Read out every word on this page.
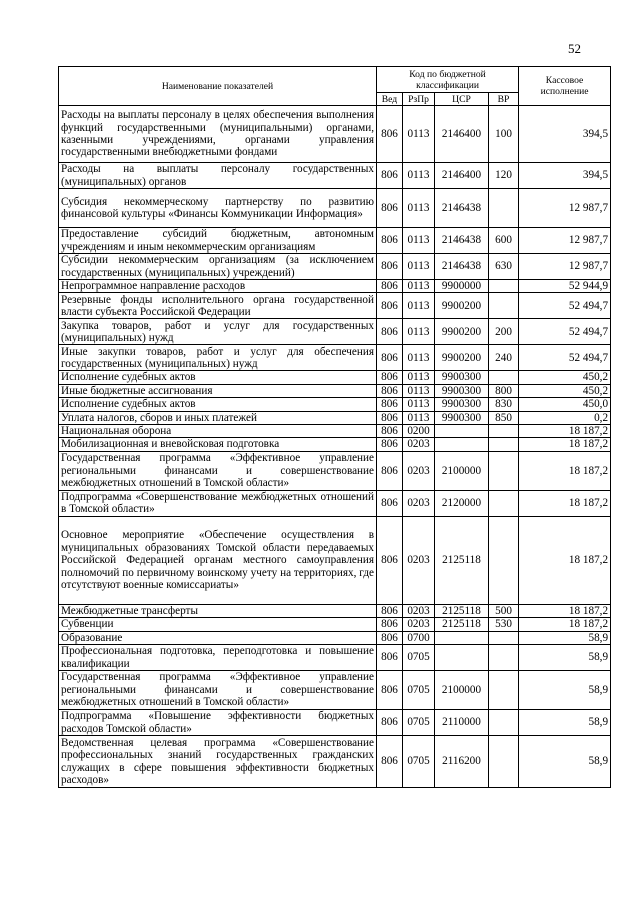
52
Наименование показателей	Код по бюджетной классификации				Кассовое исполнение
	Вед	РзПр	ЦСР	ВР	
Расходы на выплаты персоналу в целях обеспечения выполнения функций государственными (муниципальными) органами, казенными учреждениями, органами управления государственными внебюджетными фондами	806	0113	2146400	100	394,5
Расходы на выплаты персоналу государственных (муниципальных) органов	806	0113	2146400	120	394,5
Субсидия некоммерческому партнерству по развитию финансовой культуры «Финансы Коммуникации Информация»	806	0113	2146438		12 987,7
Предоставление субсидий бюджетным, автономным учреждениям и иным некоммерческим организациям	806	0113	2146438	600	12 987,7
Субсидии некоммерческим организациям (за исключением государственных (муниципальных) учреждений)	806	0113	2146438	630	12 987,7
Непрограммное направление расходов	806	0113	9900000		52 944,9
Резервные фонды исполнительного органа государственной власти субъекта Российской Федерации	806	0113	9900200		52 494,7
Закупка товаров, работ и услуг для государственных (муниципальных) нужд	806	0113	9900200	200	52 494,7
Иные закупки товаров, работ и услуг для обеспечения государственных (муниципальных) нужд	806	0113	9900200	240	52 494,7
Исполнение судебных актов	806	0113	9900300		450,2
Иные бюджетные ассигнования	806	0113	9900300	800	450,2
Исполнение судебных актов	806	0113	9900300	830	450,0
Уплата налогов, сборов и иных платежей	806	0113	9900300	850	0,2
Национальная оборона	806	0200			18 187,2
Мобилизационная и вневойсковая подготовка	806	0203			18 187,2
Государственная программа «Эффективное управление региональными финансами и совершенствование межбюджетных отношений в Томской области»	806	0203	2100000		18 187,2
Подпрограмма «Совершенствование межбюджетных отношений в Томской области»	806	0203	2120000		18 187,2
Основное мероприятие «Обеспечение осуществления в муниципальных образованиях Томской области передаваемых Российской Федерацией органам местного самоуправления полномочий по первичному воинскому учету на территориях, где отсутствуют военные комиссариаты»	806	0203	2125118		18 187,2
Межбюджетные трансферты	806	0203	2125118	500	18 187,2
Субвенции	806	0203	2125118	530	18 187,2
Образование	806	0700			58,9
Профессиональная подготовка, переподготовка и повышение квалификации	806	0705			58,9
Государственная программа «Эффективное управление региональными финансами и совершенствование межбюджетных отношений в Томской области»	806	0705	2100000		58,9
Подпрограмма «Повышение эффективности бюджетных расходов Томской области»	806	0705	2110000		58,9
Ведомственная целевая программа «Совершенствование профессиональных знаний государственных гражданских служащих в сфере повышения эффективности бюджетных расходов»	806	0705	2116200		58,9
